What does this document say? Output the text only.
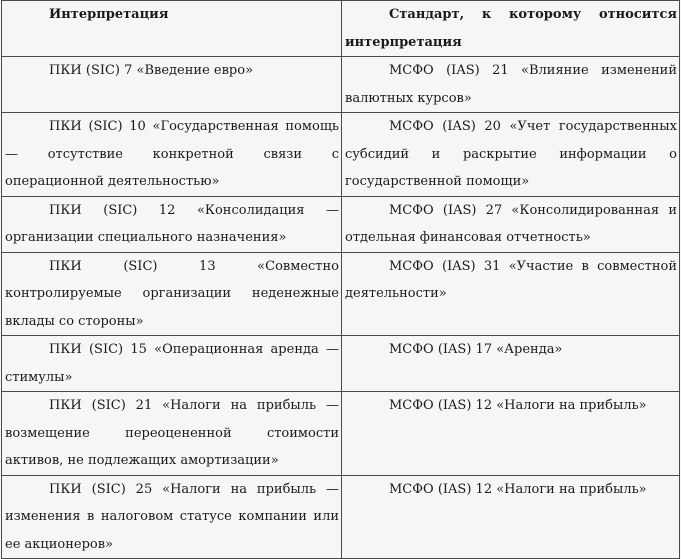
Интерпретация	Стандарт, к которому относится интерпретация
ПКИ (SIC) 7 «Введение евро»	МСФО (IAS) 21 «Влияние изменений валютных курсов»
ПКИ (SIC) 10 «Государственная помощь — отсутствие конкретной связи с операционной деятельностью»	МСФО (IAS) 20 «Учет государственных субсидий и раскрытие информации о государственной помощи»
ПКИ (SIC) 12 «Консолидация — организации специального назначения»	МСФО (IAS) 27 «Консолидированная и отдельная финансовая отчетность»
ПКИ (SIC) 13 «Совместно контролируемые организации неденежные вклады со стороны»	МСФО (IAS) 31 «Участие в совместной деятельности»
ПКИ (SIC) 15 «Операционная аренда — стимулы»	МСФО (IAS) 17 «Аренда»
ПКИ (SIC) 21 «Налоги на прибыль — возмещение переоцененной стоимости активов, не подлежащих амортизации»	МСФО (IAS) 12 «Налоги на прибыль»
ПКИ (SIC) 25 «Налоги на прибыль — изменения в налоговом статусе компании или ее акционеров»	МСФО (IAS) 12 «Налоги на прибыль»
